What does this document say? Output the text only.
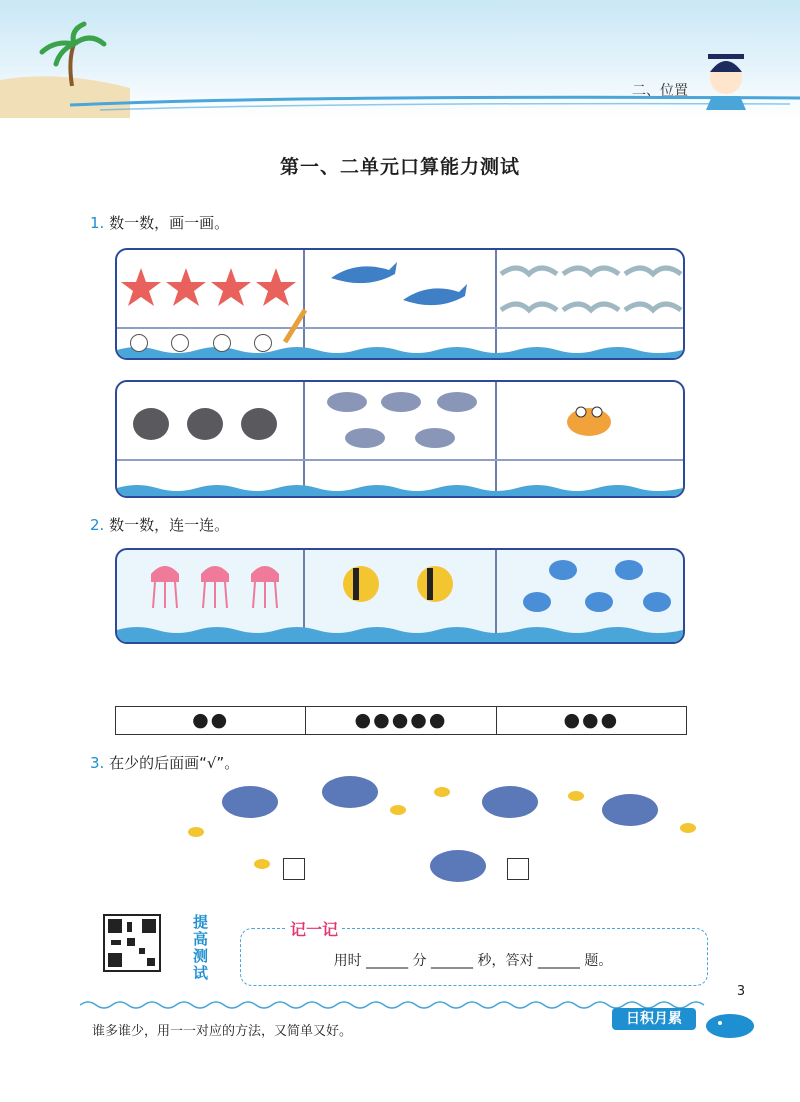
二、位置
第一、二单元口算能力测试
1. 数一数，画一画。
2. 数一数，连一连。
●●	●●●●●	●●●
3. 在少的后面画“√”。
提高测试
记一记
用时 ______ 分 ______ 秒，答对 ______ 题。
3
日积月累
谁多谁少，用一一对应的方法，又简单又好。
